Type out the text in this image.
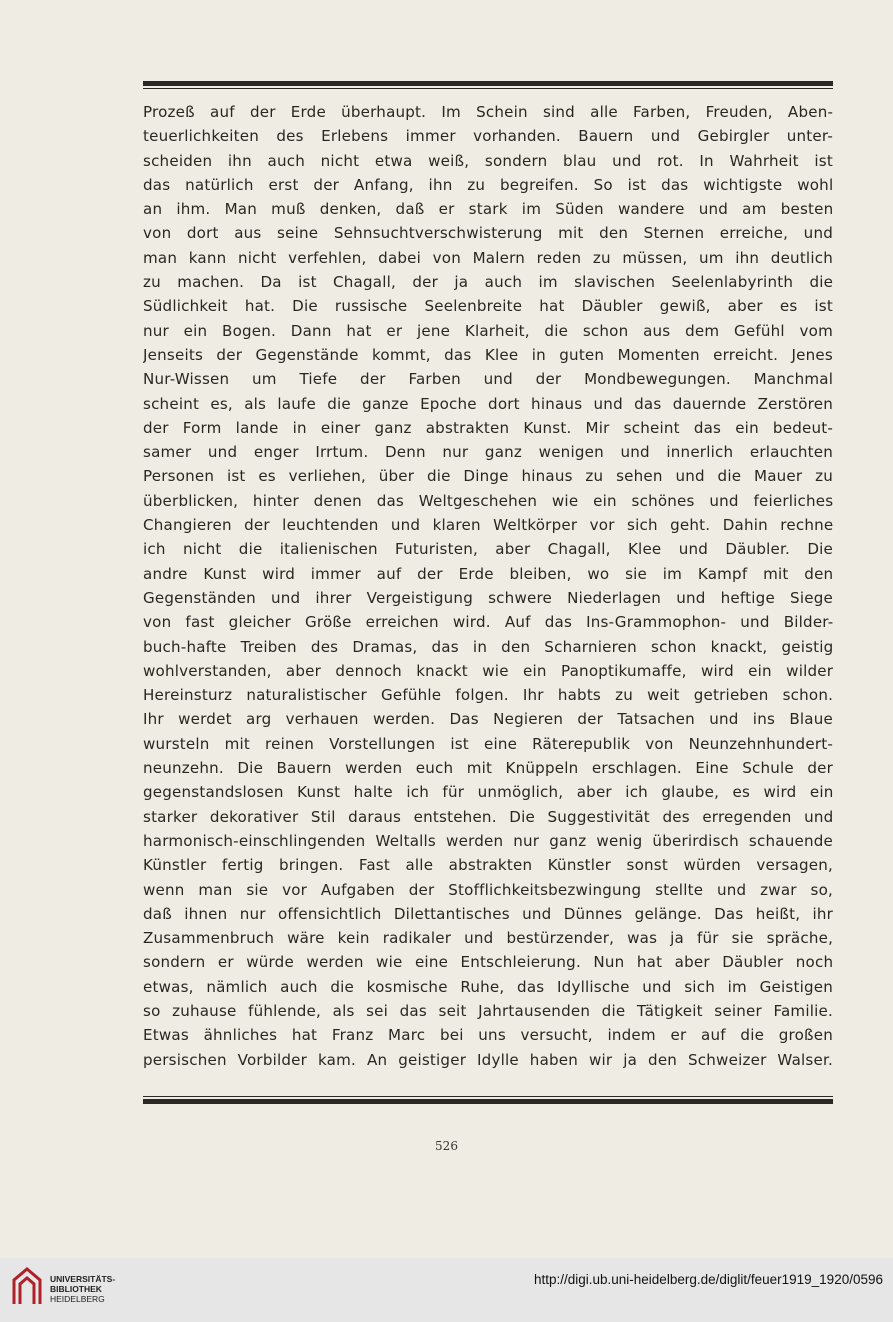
Prozeß auf der Erde überhaupt. Im Schein sind alle Farben, Freuden, Aben-
teuerlichkeiten des Erlebens immer vorhanden. Bauern und Gebirgler unter-
scheiden ihn auch nicht etwa weiß, sondern blau und rot. In Wahrheit ist
das natürlich erst der Anfang, ihn zu begreifen. So ist das wichtigste wohl
an ihm. Man muß denken, daß er stark im Süden wandere und am besten
von dort aus seine Sehnsuchtverschwisterung mit den Sternen erreiche, und
man kann nicht verfehlen, dabei von Malern reden zu müssen, um ihn deutlich
zu machen. Da ist Chagall, der ja auch im slavischen Seelenlabyrinth die
Südlichkeit hat. Die russische Seelenbreite hat Däubler gewiß, aber es ist
nur ein Bogen. Dann hat er jene Klarheit, die schon aus dem Gefühl vom
Jenseits der Gegenstände kommt, das Klee in guten Momenten erreicht. Jenes
Nur-Wissen um Tiefe der Farben und der Mondbewegungen. Manchmal
scheint es, als laufe die ganze Epoche dort hinaus und das dauernde Zerstören
der Form lande in einer ganz abstrakten Kunst. Mir scheint das ein bedeut-
samer und enger Irrtum. Denn nur ganz wenigen und innerlich erlauchten
Personen ist es verliehen, über die Dinge hinaus zu sehen und die Mauer zu
überblicken, hinter denen das Weltgeschehen wie ein schönes und feierliches
Changieren der leuchtenden und klaren Weltkörper vor sich geht. Dahin rechne
ich nicht die italienischen Futuristen, aber Chagall, Klee und Däubler. Die
andre Kunst wird immer auf der Erde bleiben, wo sie im Kampf mit den
Gegenständen und ihrer Vergeistigung schwere Niederlagen und heftige Siege
von fast gleicher Größe erreichen wird. Auf das Ins-Grammophon- und Bilder-
buch-hafte Treiben des Dramas, das in den Scharnieren schon knackt, geistig
wohlverstanden, aber dennoch knackt wie ein Panoptikumaffe, wird ein wilder
Hereinsturz naturalistischer Gefühle folgen. Ihr habts zu weit getrieben schon.
Ihr werdet arg verhauen werden. Das Negieren der Tatsachen und ins Blaue
wursteln mit reinen Vorstellungen ist eine Räterepublik von Neunzehnhundert-
neunzehn. Die Bauern werden euch mit Knüppeln erschlagen. Eine Schule der
gegenstandslosen Kunst halte ich für unmöglich, aber ich glaube, es wird ein
starker dekorativer Stil daraus entstehen. Die Suggestivität des erregenden und
harmonisch-einschlingenden Weltalls werden nur ganz wenig überirdisch schauende
Künstler fertig bringen. Fast alle abstrakten Künstler sonst würden versagen,
wenn man sie vor Aufgaben der Stofflichkeitsbezwingung stellte und zwar so,
daß ihnen nur offensichtlich Dilettantisches und Dünnes gelänge. Das heißt, ihr
Zusammenbruch wäre kein radikaler und bestürzender, was ja für sie spräche,
sondern er würde werden wie eine Entschleierung. Nun hat aber Däubler noch
etwas, nämlich auch die kosmische Ruhe, das Idyllische und sich im Geistigen
so zuhause fühlende, als sei das seit Jahrtausenden die Tätigkeit seiner Familie.
Etwas ähnliches hat Franz Marc bei uns versucht, indem er auf die großen
persischen Vorbilder kam. An geistiger Idylle haben wir ja den Schweizer Walser.
526
UNIVERSITÄTS-
BIBLIOTHEK
HEIDELBERG
http://digi.ub.uni-heidelberg.de/diglit/feuer1919_1920/0596
